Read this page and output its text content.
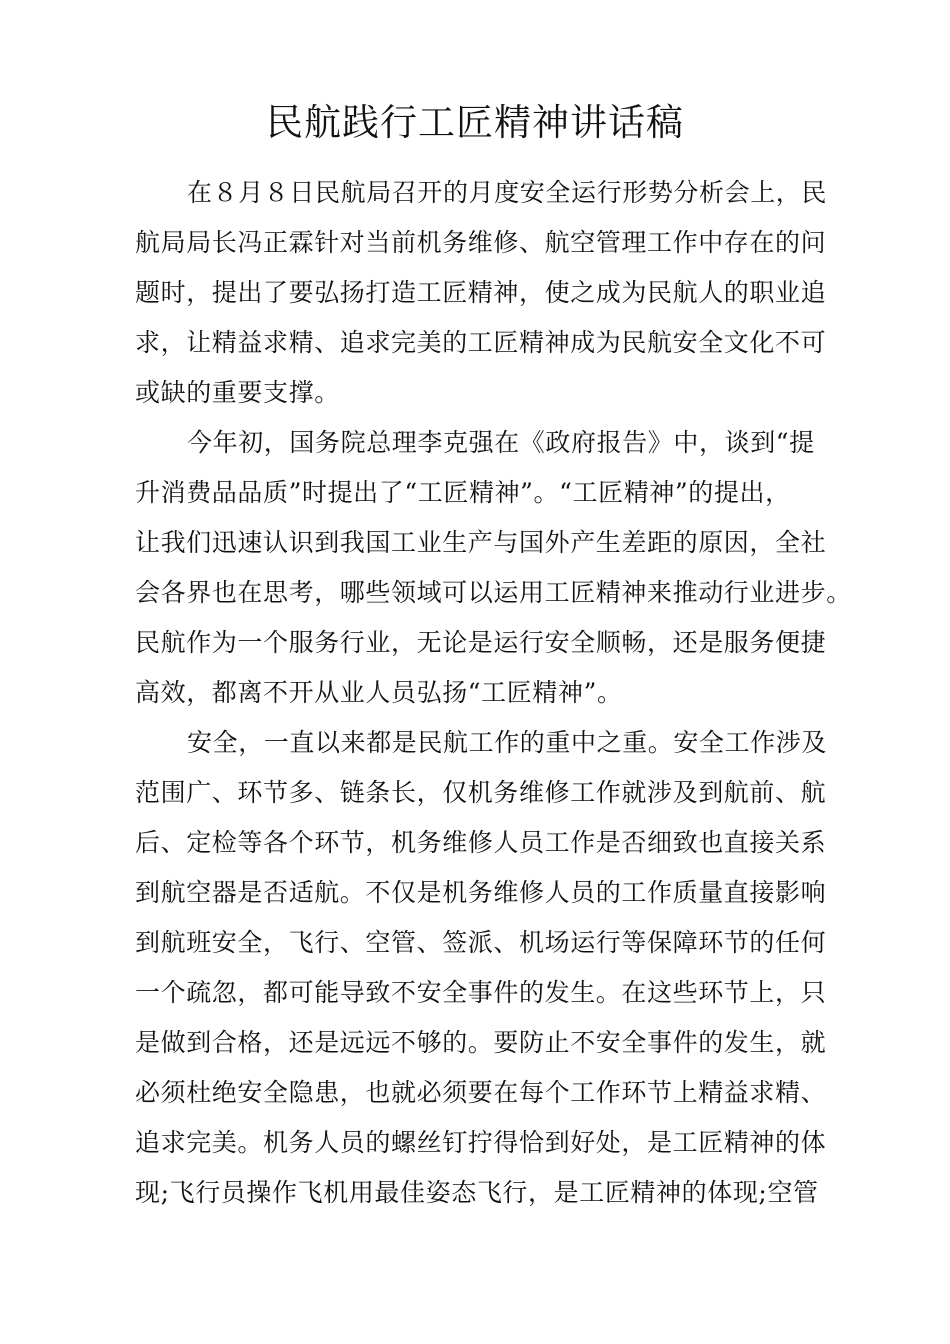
民航践行工匠精神讲话稿
在８月８日民航局召开的月度安全运行形势分析会上，民
航局局长冯正霖针对当前机务维修、航空管理工作中存在的问
题时，提出了要弘扬打造工匠精神，使之成为民航人的职业追
求，让精益求精、追求完美的工匠精神成为民航安全文化不可
或缺的重要支撑。
今年初，国务院总理李克强在《政府报告》中，谈到“提
升消费品品质”时提出了“工匠精神”。“工匠精神”的提出，
让我们迅速认识到我国工业生产与国外产生差距的原因，全社
会各界也在思考，哪些领域可以运用工匠精神来推动行业进步。
民航作为一个服务行业，无论是运行安全顺畅，还是服务便捷
高效，都离不开从业人员弘扬“工匠精神”。
安全，一直以来都是民航工作的重中之重。安全工作涉及
范围广、环节多、链条长，仅机务维修工作就涉及到航前、航
后、定检等各个环节，机务维修人员工作是否细致也直接关系
到航空器是否适航。不仅是机务维修人员的工作质量直接影响
到航班安全，飞行、空管、签派、机场运行等保障环节的任何
一个疏忽，都可能导致不安全事件的发生。在这些环节上，只
是做到合格，还是远远不够的。要防止不安全事件的发生，就
必须杜绝安全隐患，也就必须要在每个工作环节上精益求精、
追求完美。机务人员的螺丝钉拧得恰到好处，是工匠精神的体
现;飞行员操作飞机用最佳姿态飞行，是工匠精神的体现;空管
